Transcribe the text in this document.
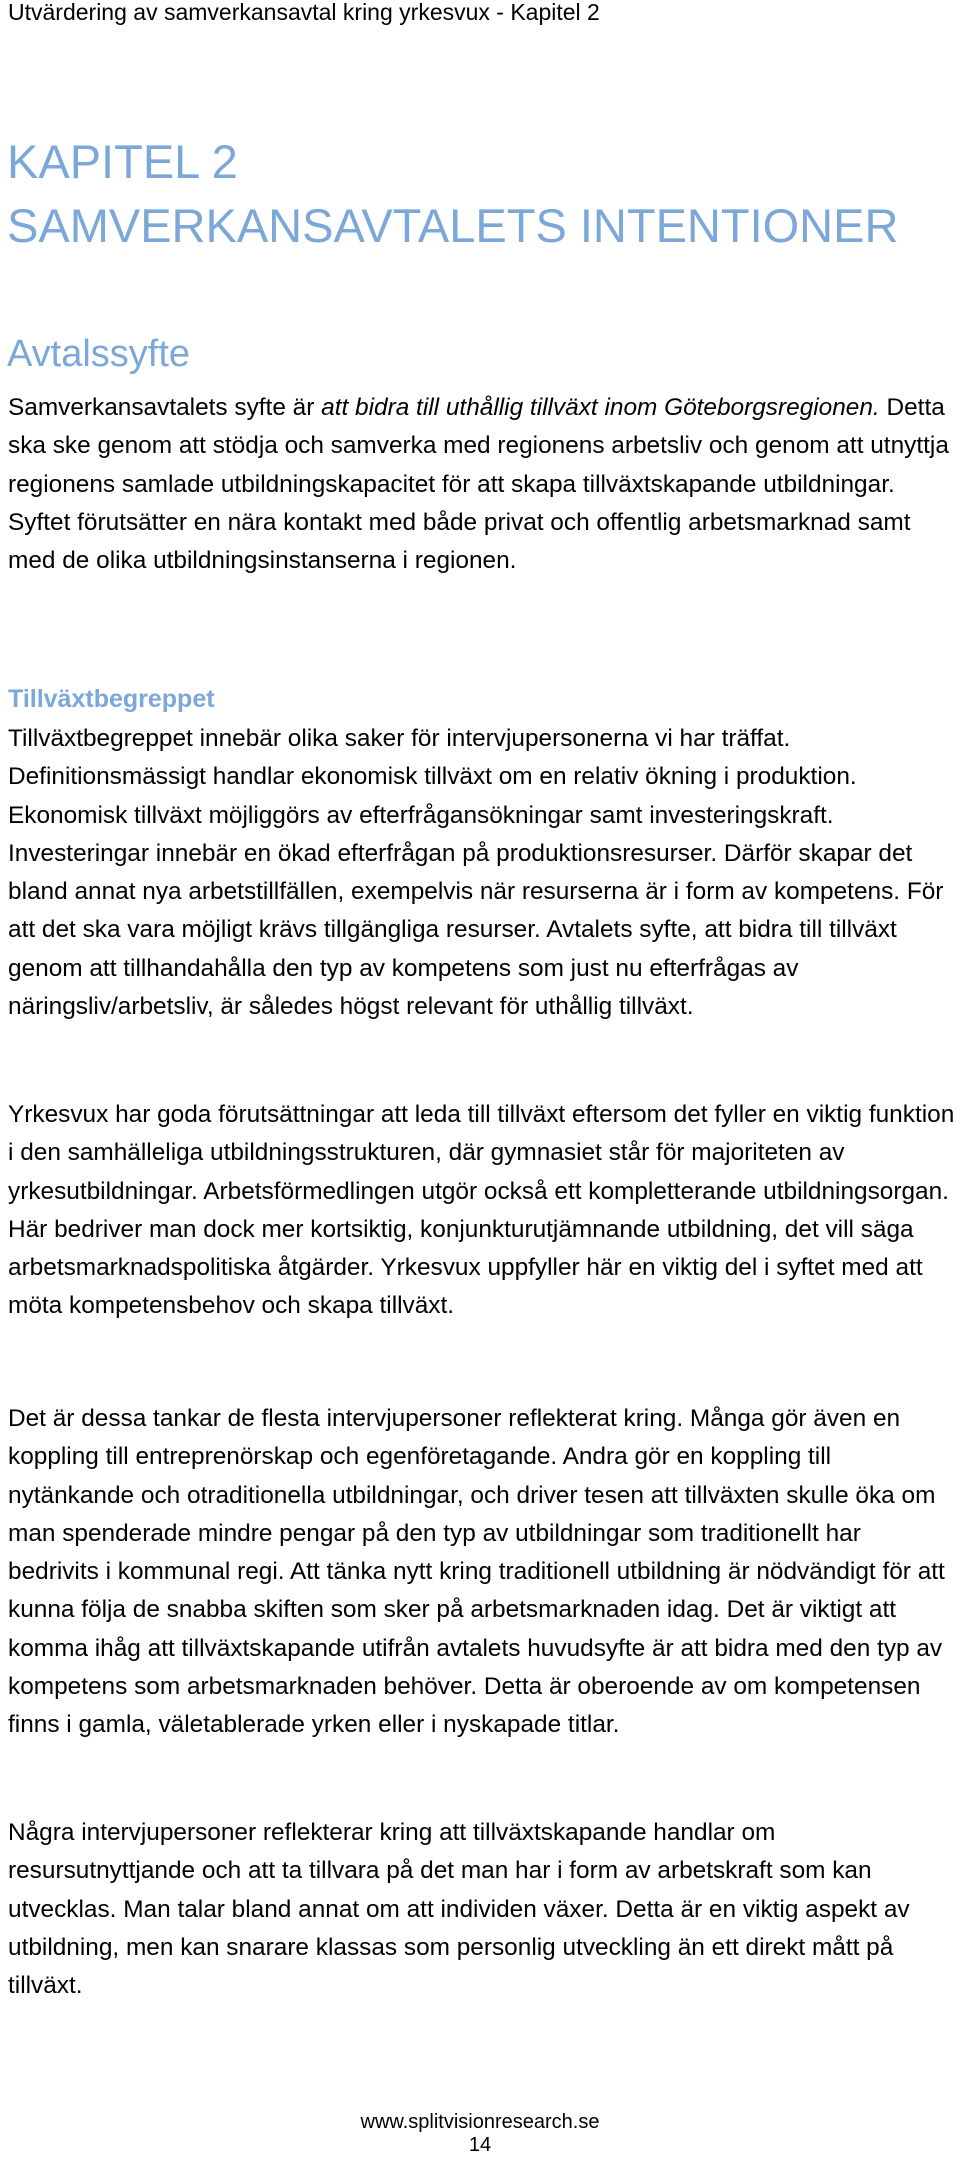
Utvärdering av samverkansavtal kring yrkesvux - Kapitel 2
KAPITEL 2
SAMVERKANSAVTALETS INTENTIONER
Avtalssyfte

Samverkansavtalets syfte är att bidra till uthållig tillväxt inom Göteborgsregionen. Detta ska ske genom att stödja och samverka med regionens arbetsliv och genom att utnyttja regionens samlade utbildningskapacitet för att skapa tillväxtskapande utbildningar. Syftet förutsätter en nära kontakt med både privat och offentlig arbetsmarknad samt med de olika utbildningsinstanserna i regionen.

Tillväxtbegreppet

Tillväxtbegreppet innebär olika saker för intervjupersonerna vi har träffat. Definitionsmässigt handlar ekonomisk tillväxt om en relativ ökning i produktion. Ekonomisk tillväxt möjliggörs av efterfrågansökningar samt investeringskraft. Investeringar innebär en ökad efterfrågan på produktionsresurser. Därför skapar det bland annat nya arbetstillfällen, exempelvis när resurserna är i form av kompetens. För att det ska vara möjligt krävs tillgängliga resurser. Avtalets syfte, att bidra till tillväxt genom att tillhandahålla den typ av kompetens som just nu efterfrågas av näringsliv/arbetsliv, är således högst relevant för uthållig tillväxt.

Yrkesvux har goda förutsättningar att leda till tillväxt eftersom det fyller en viktig funktion i den samhälleliga utbildningsstrukturen, där gymnasiet står för majoriteten av yrkesutbildningar. Arbetsförmedlingen utgör också ett kompletterande utbildningsorgan. Här bedriver man dock mer kortsiktig, konjunkturutjämnande utbildning, det vill säga arbetsmarknadspolitiska åtgärder. Yrkesvux uppfyller här en viktig del i syftet med att möta kompetensbehov och skapa tillväxt.

Det är dessa tankar de flesta intervjupersoner reflekterat kring. Många gör även en koppling till entreprenörskap och egenföretagande. Andra gör en koppling till nytänkande och otraditionella utbildningar, och driver tesen att tillväxten skulle öka om man spenderade mindre pengar på den typ av utbildningar som traditionellt har bedrivits i kommunal regi. Att tänka nytt kring traditionell utbildning är nödvändigt för att kunna följa de snabba skiften som sker på arbetsmarknaden idag. Det är viktigt att komma ihåg att tillväxtskapande utifrån avtalets huvudsyfte är att bidra med den typ av kompetens som arbetsmarknaden behöver. Detta är oberoende av om kompetensen finns i gamla, väletablerade yrken eller i nyskapade titlar.

Några intervjupersoner reflekterar kring att tillväxtskapande handlar om resursutnyttjande och att ta tillvara på det man har i form av arbetskraft som kan utvecklas. Man talar bland annat om att individen växer. Detta är en viktig aspekt av utbildning, men kan snarare klassas som personlig utveckling än ett direkt mått på tillväxt.

www.splitvisionresearch.se
14
